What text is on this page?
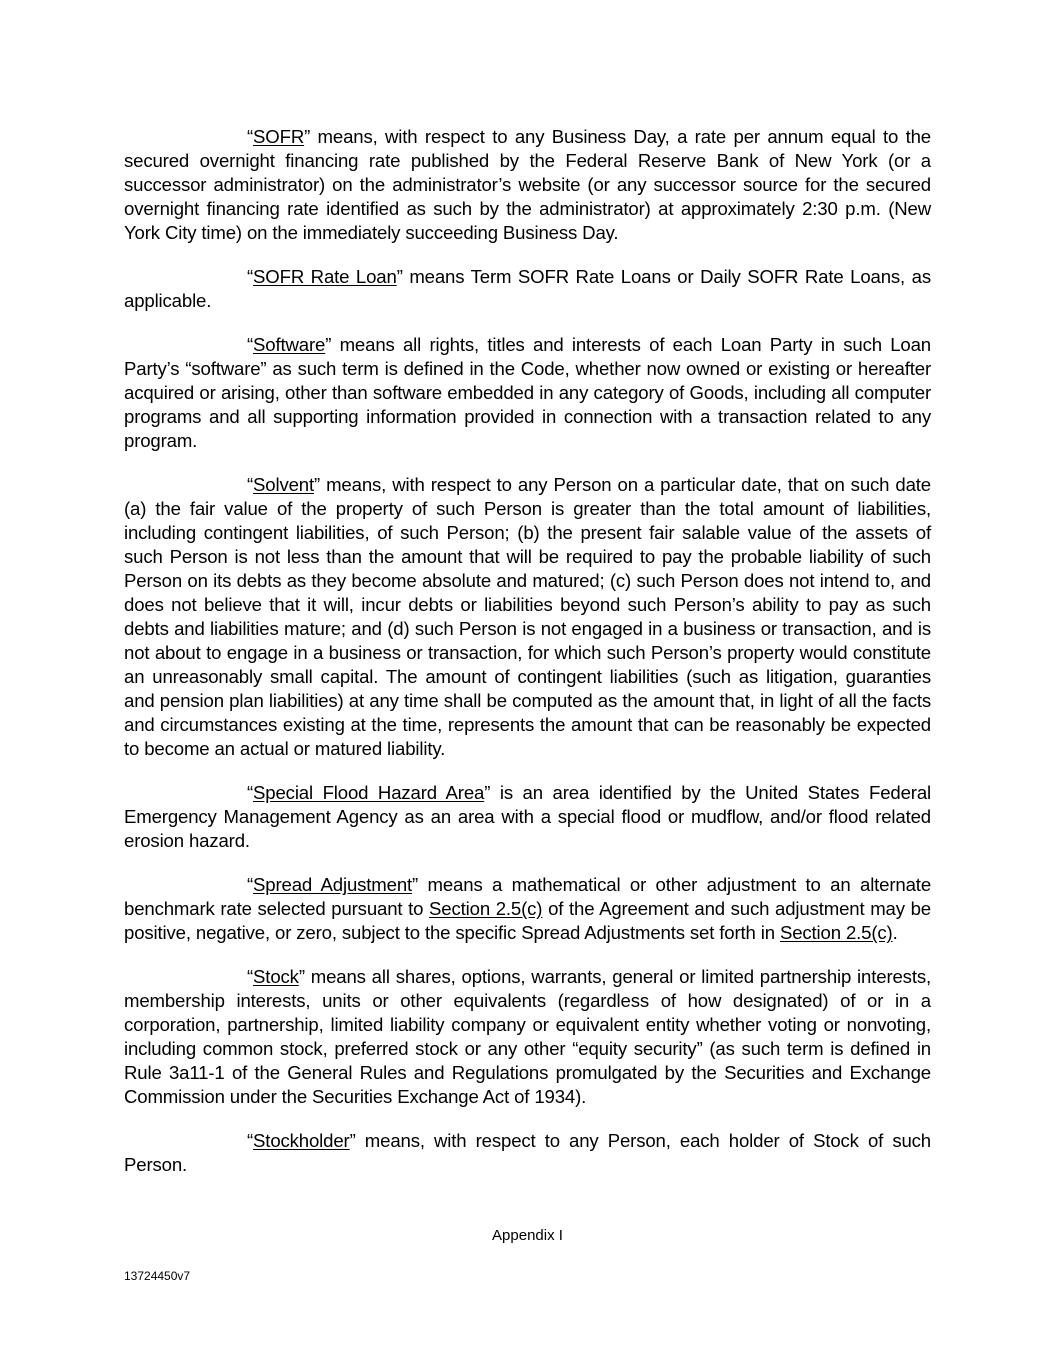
“SOFR” means, with respect to any Business Day, a rate per annum equal to the secured overnight financing rate published by the Federal Reserve Bank of New York (or a successor administrator) on the administrator’s website (or any successor source for the secured overnight financing rate identified as such by the administrator) at approximately 2:30 p.m. (New York City time) on the immediately succeeding Business Day.

“SOFR Rate Loan” means Term SOFR Rate Loans or Daily SOFR Rate Loans, as applicable.

“Software” means all rights, titles and interests of each Loan Party in such Loan Party’s “software” as such term is defined in the Code, whether now owned or existing or hereafter acquired or arising, other than software embedded in any category of Goods, including all computer programs and all supporting information provided in connection with a transaction related to any program.

“Solvent” means, with respect to any Person on a particular date, that on such date (a) the fair value of the property of such Person is greater than the total amount of liabilities, including contingent liabilities, of such Person; (b) the present fair salable value of the assets of such Person is not less than the amount that will be required to pay the probable liability of such Person on its debts as they become absolute and matured; (c) such Person does not intend to, and does not believe that it will, incur debts or liabilities beyond such Person’s ability to pay as such debts and liabilities mature; and (d) such Person is not engaged in a business or transaction, and is not about to engage in a business or transaction, for which such Person’s property would constitute an unreasonably small capital. The amount of contingent liabilities (such as litigation, guaranties and pension plan liabilities) at any time shall be computed as the amount that, in light of all the facts and circumstances existing at the time, represents the amount that can be reasonably be expected to become an actual or matured liability.

“Special Flood Hazard Area” is an area identified by the United States Federal Emergency Management Agency as an area with a special flood or mudflow, and/or flood related erosion hazard.

“Spread Adjustment” means a mathematical or other adjustment to an alternate benchmark rate selected pursuant to Section 2.5(c) of the Agreement and such adjustment may be positive, negative, or zero, subject to the specific Spread Adjustments set forth in Section 2.5(c).

“Stock” means all shares, options, warrants, general or limited partnership interests, membership interests, units or other equivalents (regardless of how designated) of or in a corporation, partnership, limited liability company or equivalent entity whether voting or nonvoting, including common stock, preferred stock or any other “equity security” (as such term is defined in Rule 3a11-1 of the General Rules and Regulations promulgated by the Securities and Exchange Commission under the Securities Exchange Act of 1934).

“Stockholder” means, with respect to any Person, each holder of Stock of such Person.

Appendix I
13724450v7
